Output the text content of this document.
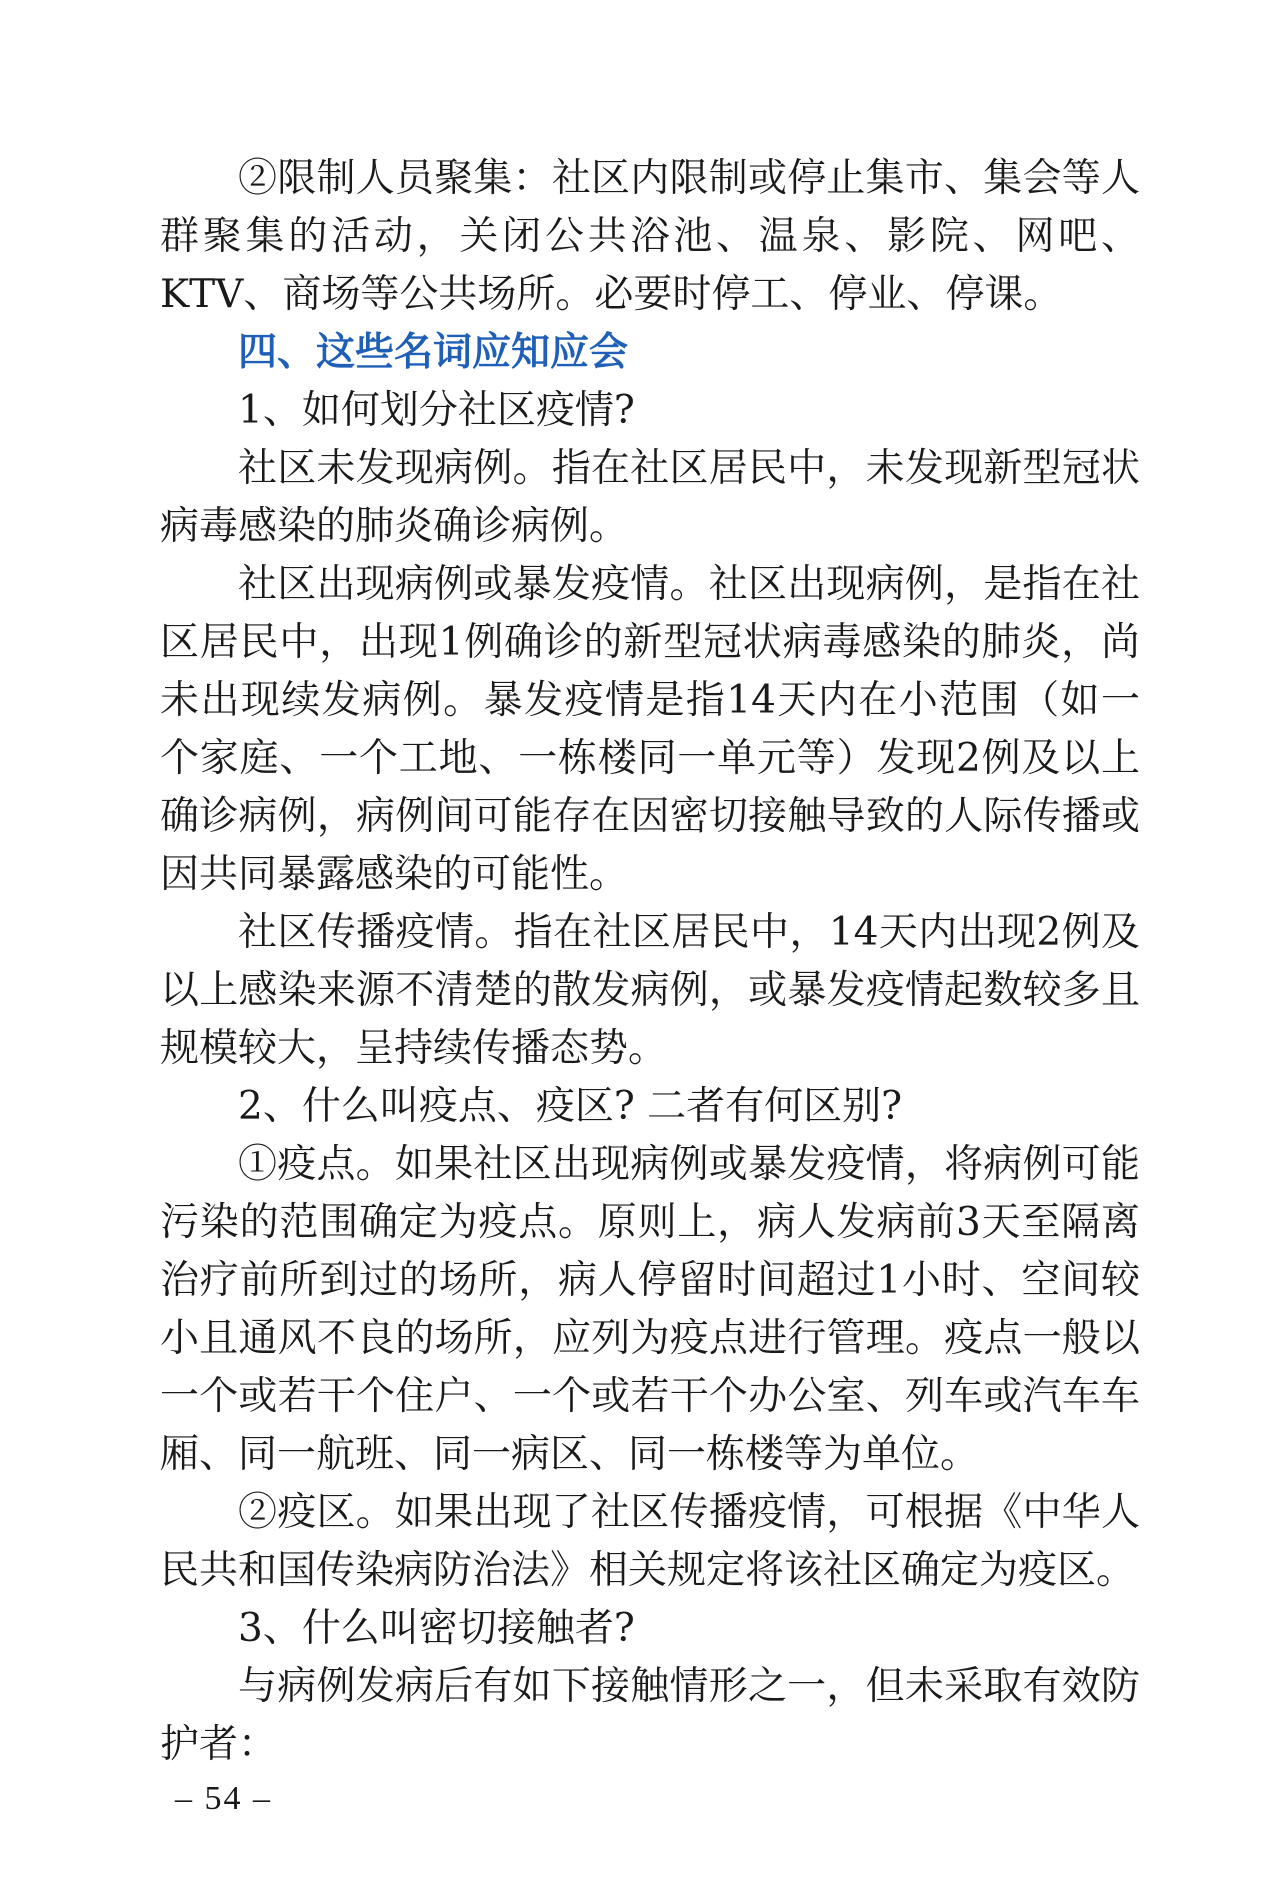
②限制人员聚集：社区内限制或停止集市、集会等人群聚集的活动，关闭公共浴池、温泉、影院、网吧、KTV、商场等公共场所。必要时停工、停业、停课。

四、这些名词应知应会

1、如何划分社区疫情?

社区未发现病例。指在社区居民中，未发现新型冠状病毒感染的肺炎确诊病例。

社区出现病例或暴发疫情。社区出现病例，是指在社区居民中，出现1例确诊的新型冠状病毒感染的肺炎，尚未出现续发病例。暴发疫情是指14天内在小范围（如一个家庭、一个工地、一栋楼同一单元等）发现2例及以上确诊病例，病例间可能存在因密切接触导致的人际传播或因共同暴露感染的可能性。

社区传播疫情。指在社区居民中，14天内出现2例及以上感染来源不清楚的散发病例，或暴发疫情起数较多且规模较大，呈持续传播态势。

2、什么叫疫点、疫区? 二者有何区别?

①疫点。如果社区出现病例或暴发疫情，将病例可能污染的范围确定为疫点。原则上，病人发病前3天至隔离治疗前所到过的场所，病人停留时间超过1小时、空间较小且通风不良的场所，应列为疫点进行管理。疫点一般以一个或若干个住户、一个或若干个办公室、列车或汽车车厢、同一航班、同一病区、同一栋楼等为单位。

②疫区。如果出现了社区传播疫情，可根据《中华人民共和国传染病防治法》相关规定将该社区确定为疫区。

3、什么叫密切接触者?

与病例发病后有如下接触情形之一，但未采取有效防护者：

– 54 –
